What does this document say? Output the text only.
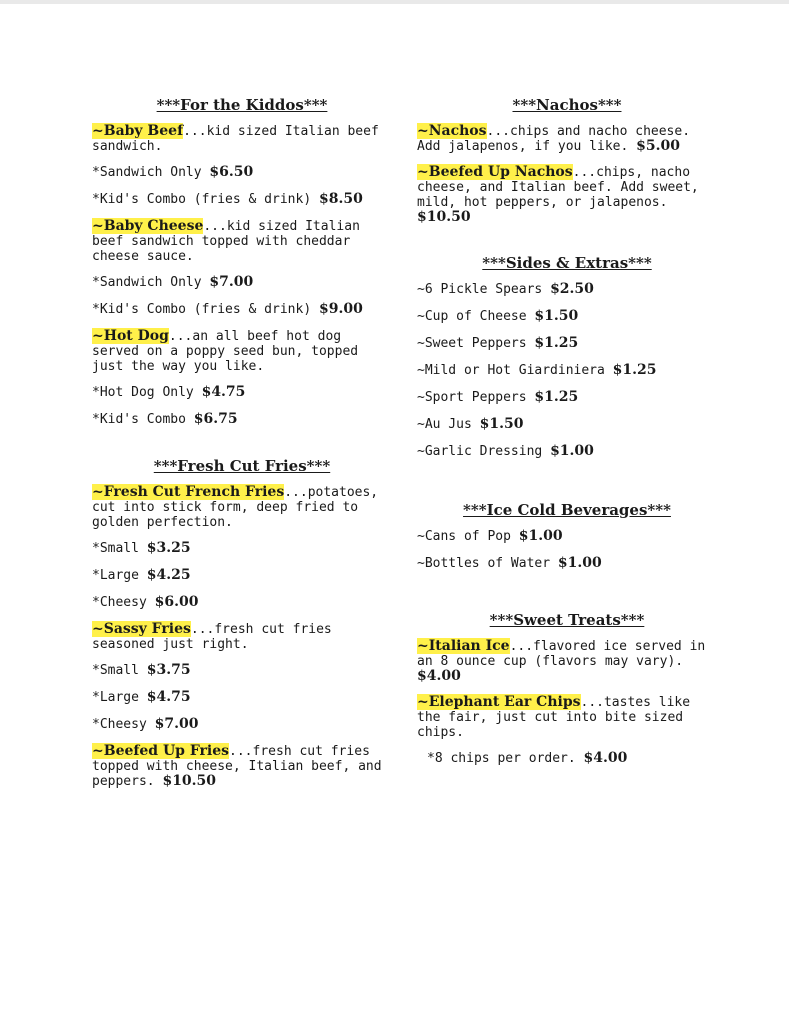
***For the Kiddos***
~Baby Beef...kid sized Italian beef sandwich.
*Sandwich Only $6.50
*Kid's Combo (fries & drink) $8.50
~Baby Cheese...kid sized Italian beef sandwich topped with cheddar cheese sauce.
*Sandwich Only $7.00
*Kid's Combo (fries & drink) $9.00
~Hot Dog...an all beef hot dog served on a poppy seed bun, topped just the way you like.
*Hot Dog Only $4.75
*Kid's Combo $6.75
***Fresh Cut Fries***
~Fresh Cut French Fries...potatoes, cut into stick form, deep fried to golden perfection.
*Small $3.25
*Large $4.25
*Cheesy $6.00
~Sassy Fries...fresh cut fries seasoned just right.
*Small $3.75
*Large $4.75
*Cheesy $7.00
~Beefed Up Fries...fresh cut fries topped with cheese, Italian beef, and peppers. $10.50
***Nachos***
~Nachos...chips and nacho cheese. Add jalapenos, if you like. $5.00
~Beefed Up Nachos...chips, nacho cheese, and Italian beef. Add sweet, mild, hot peppers, or jalapenos. $10.50
***Sides & Extras***
~6 Pickle Spears $2.50
~Cup of Cheese $1.50
~Sweet Peppers $1.25
~Mild or Hot Giardiniera $1.25
~Sport Peppers $1.25
~Au Jus $1.50
~Garlic Dressing $1.00
***Ice Cold Beverages***
~Cans of Pop $1.00
~Bottles of Water $1.00
***Sweet Treats***
~Italian Ice...flavored ice served in an 8 ounce cup (flavors may vary). $4.00
~Elephant Ear Chips...tastes like the fair, just cut into bite sized chips.
*8 chips per order. $4.00
